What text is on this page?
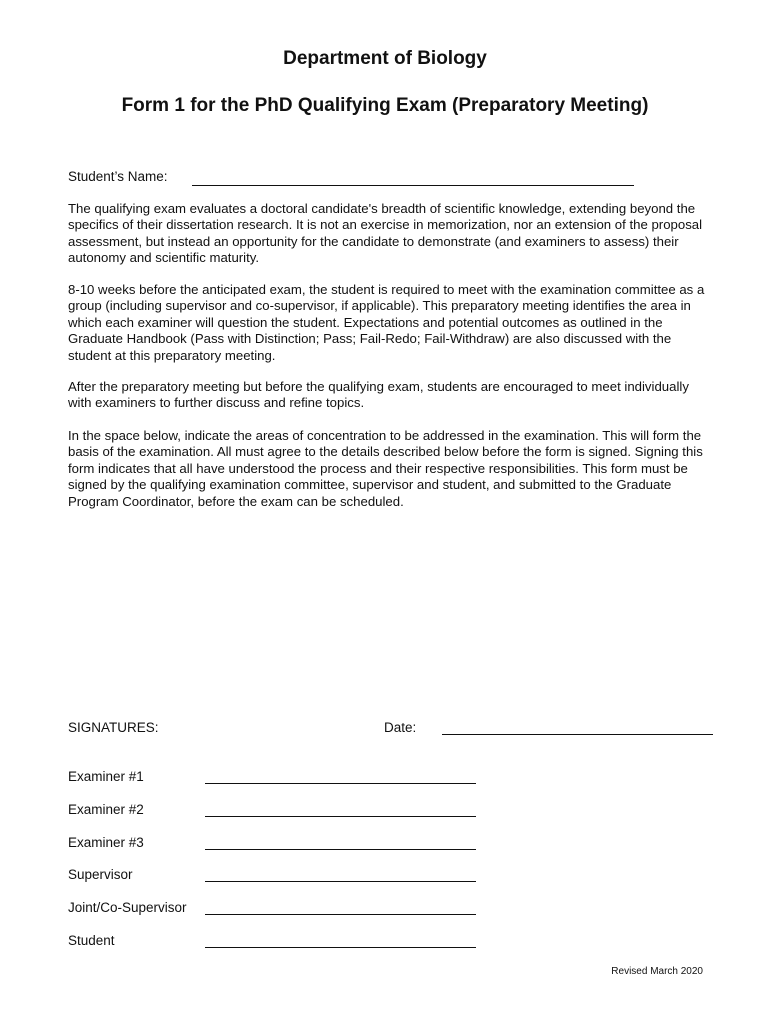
Department of Biology
Form 1 for the PhD Qualifying Exam (Preparatory Meeting)
Student’s Name:

The qualifying exam evaluates a doctoral candidate's breadth of scientific knowledge, extending beyond the specifics of their dissertation research. It is not an exercise in memorization, nor an extension of the proposal assessment, but instead an opportunity for the candidate to demonstrate (and examiners to assess) their autonomy and scientific maturity.

8-10 weeks before the anticipated exam, the student is required to meet with the examination committee as a group (including supervisor and co-supervisor, if applicable). This preparatory meeting identifies the area in which each examiner will question the student. Expectations and potential outcomes as outlined in the Graduate Handbook (Pass with Distinction; Pass; Fail-Redo; Fail-Withdraw) are also discussed with the student at this preparatory meeting.

After the preparatory meeting but before the qualifying exam, students are encouraged to meet individually with examiners to further discuss and refine topics.

In the space below, indicate the areas of concentration to be addressed in the examination. This will form the basis of the examination. All must agree to the details described below before the form is signed. Signing this form indicates that all have understood the process and their respective responsibilities. This form must be signed by the qualifying examination committee, supervisor and student, and submitted to the Graduate Program Coordinator, before the exam can be scheduled.

SIGNATURES:	Date:
Examiner #1
Examiner #2
Examiner #3
Supervisor
Joint/Co-Supervisor
Student
Revised March 2020
